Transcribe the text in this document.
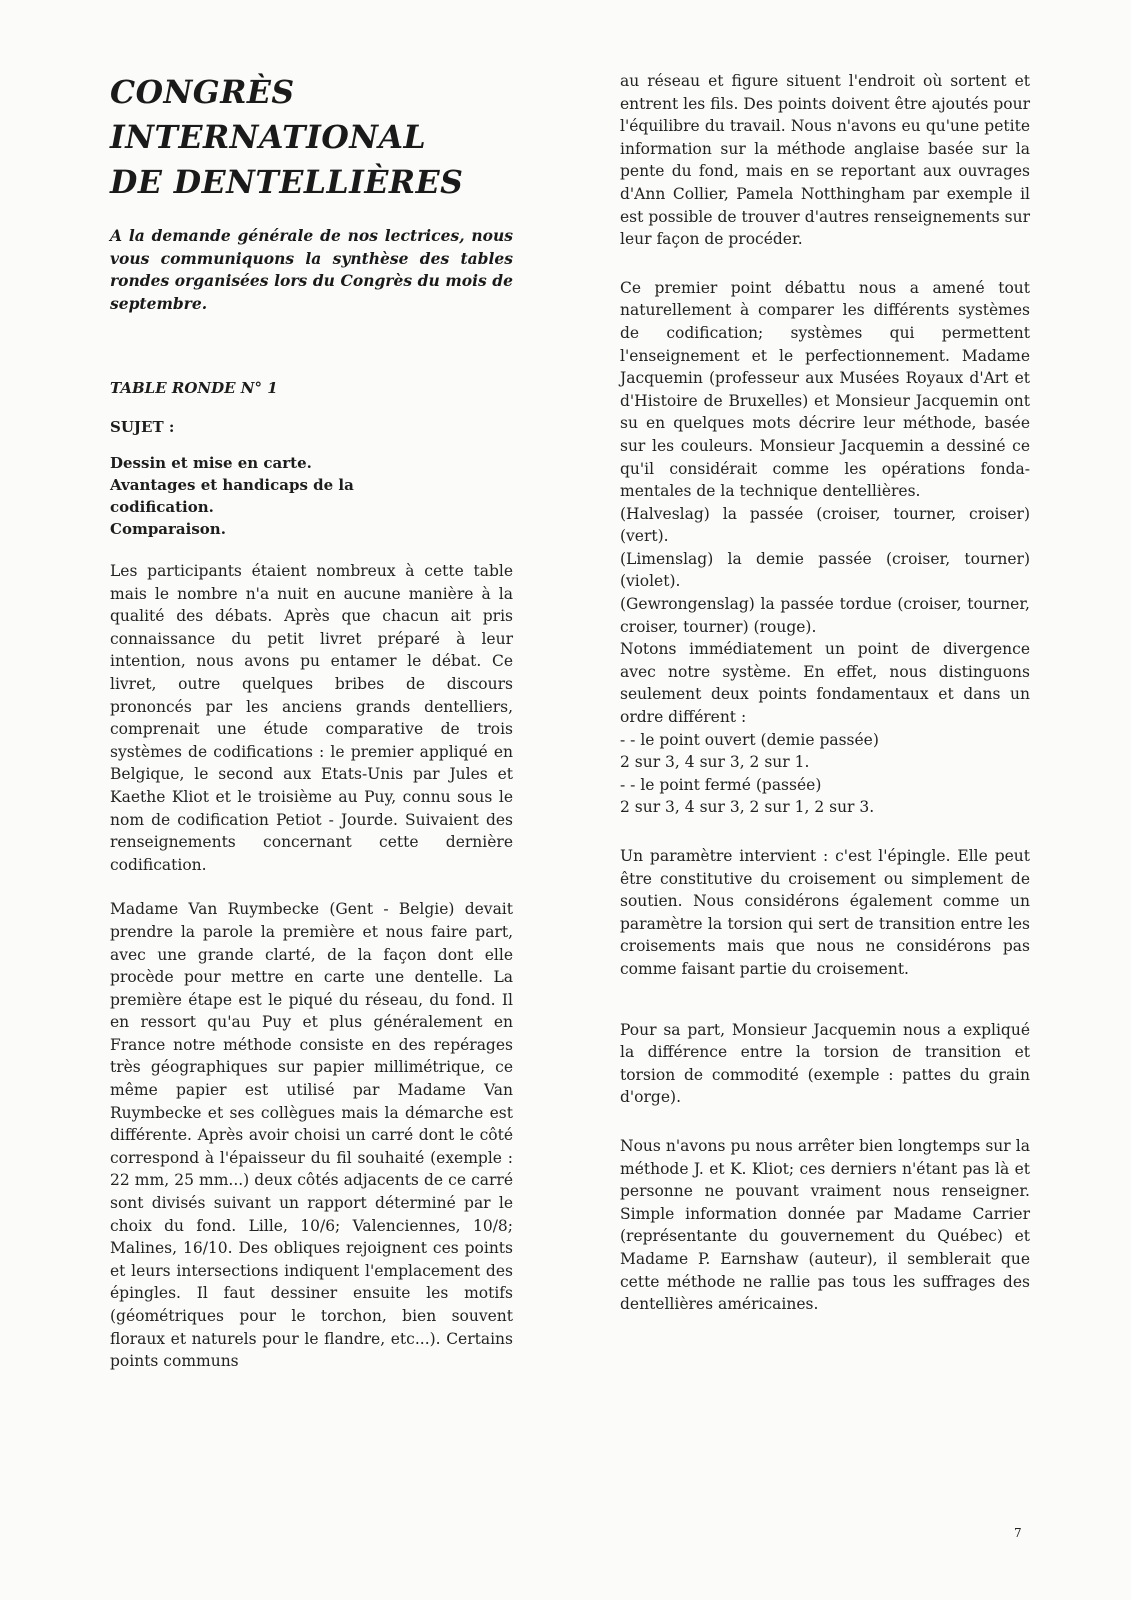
CONGRÈS
INTERNATIONAL
DE DENTELLIÈRES

A la demande générale de nos lectrices, nous vous communiquons la synthèse des tables rondes organisées lors du Congrès du mois de septembre.

TABLE RONDE N° 1

SUJET :

Dessin et mise en carte.
Avantages et handicaps de la
codification.
Comparaison.

Les participants étaient nombreux à cette table mais le nombre n'a nuit en aucune manière à la qualité des débats. Après que chacun ait pris connaissance du petit livret préparé à leur intention, nous avons pu entamer le débat. Ce livret, outre quelques bribes de discours prononcés par les anciens grands dentelliers, comprenait une étude comparative de trois systèmes de codifications : le premier appliqué en Belgique, le second aux Etats-Unis par Jules et Kaethe Kliot et le troisième au Puy, connu sous le nom de codification Petiot - Jourde. Suivaient des renseignements concernant cette dernière codification.

Madame Van Ruymbecke (Gent - Belgie) devait prendre la parole la première et nous faire part, avec une grande clarté, de la façon dont elle procède pour mettre en carte une dentelle. La première étape est le piqué du réseau, du fond. Il en ressort qu'au Puy et plus généralement en France notre méthode consiste en des repérages très géographiques sur papier millimétrique, ce même papier est utilisé par Madame Van Ruymbecke et ses collègues mais la démarche est différente. Après avoir choisi un carré dont le côté correspond à l'épaisseur du fil souhaité (exemple : 22 mm, 25 mm...) deux côtés adjacents de ce carré sont divisés suivant un rapport déterminé par le choix du fond. Lille, 10/6; Valenciennes, 10/8; Malines, 16/10. Des obliques rejoignent ces points et leurs intersections indiquent l'emplacement des épingles. Il faut dessiner ensuite les motifs (géométriques pour le torchon, bien souvent floraux et naturels pour le flandre, etc...). Certains points communs

au réseau et figure situent l'endroit où sortent et entrent les fils. Des points doivent être ajoutés pour l'équilibre du travail. Nous n'avons eu qu'une petite information sur la méthode anglaise basée sur la pente du fond, mais en se reportant aux ouvrages d'Ann Collier, Pamela Notthingham par exemple il est possible de trouver d'autres renseignements sur leur façon de procéder.

Ce premier point débattu nous a amené tout naturellement à comparer les différents systèmes de codification; systèmes qui permettent l'enseignement et le perfectionnement. Madame Jacquemin (professeur aux Musées Royaux d'Art et d'Histoire de Bruxelles) et Monsieur Jacquemin ont su en quelques mots décrire leur méthode, basée sur les couleurs. Monsieur Jacquemin a dessiné ce qu'il considérait comme les opérations fondamentales de la technique dentellières.
(Halveslag) la passée (croiser, tourner, croiser) (vert).
(Limenslag) la demie passée (croiser, tourner) (violet).
(Gewrongenslag) la passée tordue (croiser, tourner, croiser, tourner) (rouge).
Notons immédiatement un point de divergence avec notre système. En effet, nous distinguons seulement deux points fondamentaux et dans un ordre différent :
- - le point ouvert (demie passée)
2 sur 3, 4 sur 3, 2 sur 1.
- - le point fermé (passée)
2 sur 3, 4 sur 3, 2 sur 1, 2 sur 3.

Un paramètre intervient : c'est l'épingle. Elle peut être constitutive du croisement ou simplement de soutien. Nous considérons également comme un paramètre la torsion qui sert de transition entre les croisements mais que nous ne considérons pas comme faisant partie du croisement.

Pour sa part, Monsieur Jacquemin nous a expliqué la différence entre la torsion de transition et torsion de commodité (exemple : pattes du grain d'orge).

Nous n'avons pu nous arrêter bien longtemps sur la méthode J. et K. Kliot; ces derniers n'étant pas là et personne ne pouvant vraiment nous renseigner. Simple information donnée par Madame Carrier (représentante du gouvernement du Québec) et Madame P. Earnshaw (auteur), il semblerait que cette méthode ne rallie pas tous les suffrages des dentellières américaines.

7
